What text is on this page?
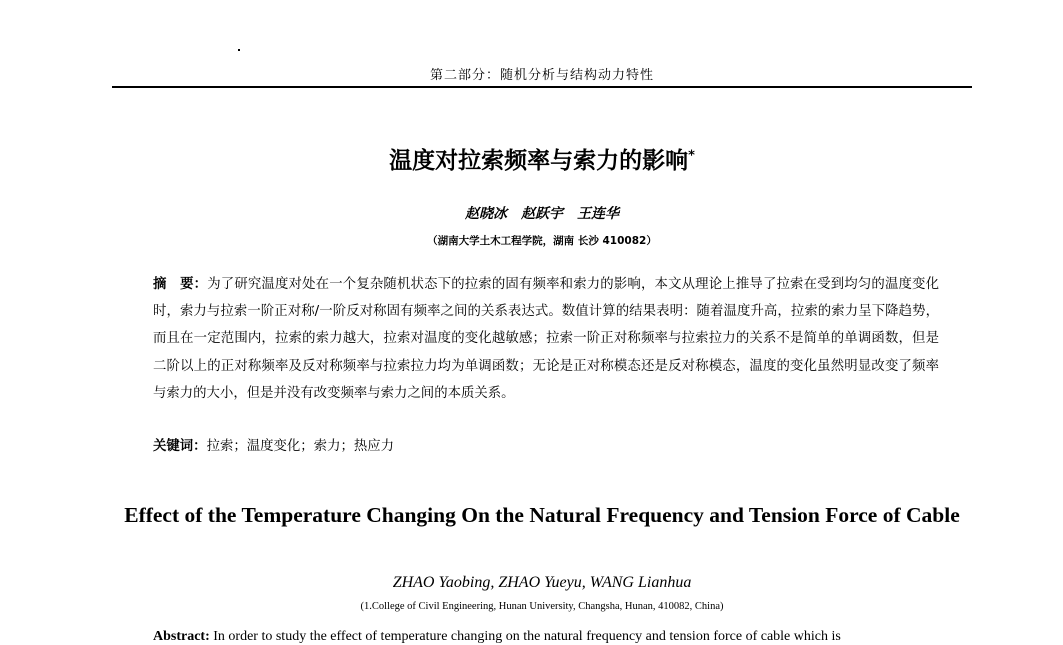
第二部分：随机分析与结构动力特性
温度对拉索频率与索力的影响*
赵晓冰　赵跃宇　王连华
（湖南大学土木工程学院，湖南 长沙 410082）
摘　要：为了研究温度对处在一个复杂随机状态下的拉索的固有频率和索力的影响，本文从理论上推导了拉索在受到均匀的温度变化时，索力与拉索一阶正对称/一阶反对称固有频率之间的关系表达式。数值计算的结果表明：随着温度升高，拉索的索力呈下降趋势，而且在一定范围内，拉索的索力越大，拉索对温度的变化越敏感；拉索一阶正对称频率与拉索拉力的关系不是简单的单调函数，但是二阶以上的正对称频率及反对称频率与拉索拉力均为单调函数；无论是正对称模态还是反对称模态，温度的变化虽然明显改变了频率与索力的大小，但是并没有改变频率与索力之间的本质关系。
关键词：拉索；温度变化；索力；热应力
Effect of the Temperature Changing On the Natural Frequency and Tension Force of Cable
ZHAO Yaobing, ZHAO Yueyu, WANG Lianhua
(1.College of Civil Engineering, Hunan University, Changsha, Hunan, 410082, China)
Abstract: In order to study the effect of temperature changing on the natural frequency and tension force of cable which is
